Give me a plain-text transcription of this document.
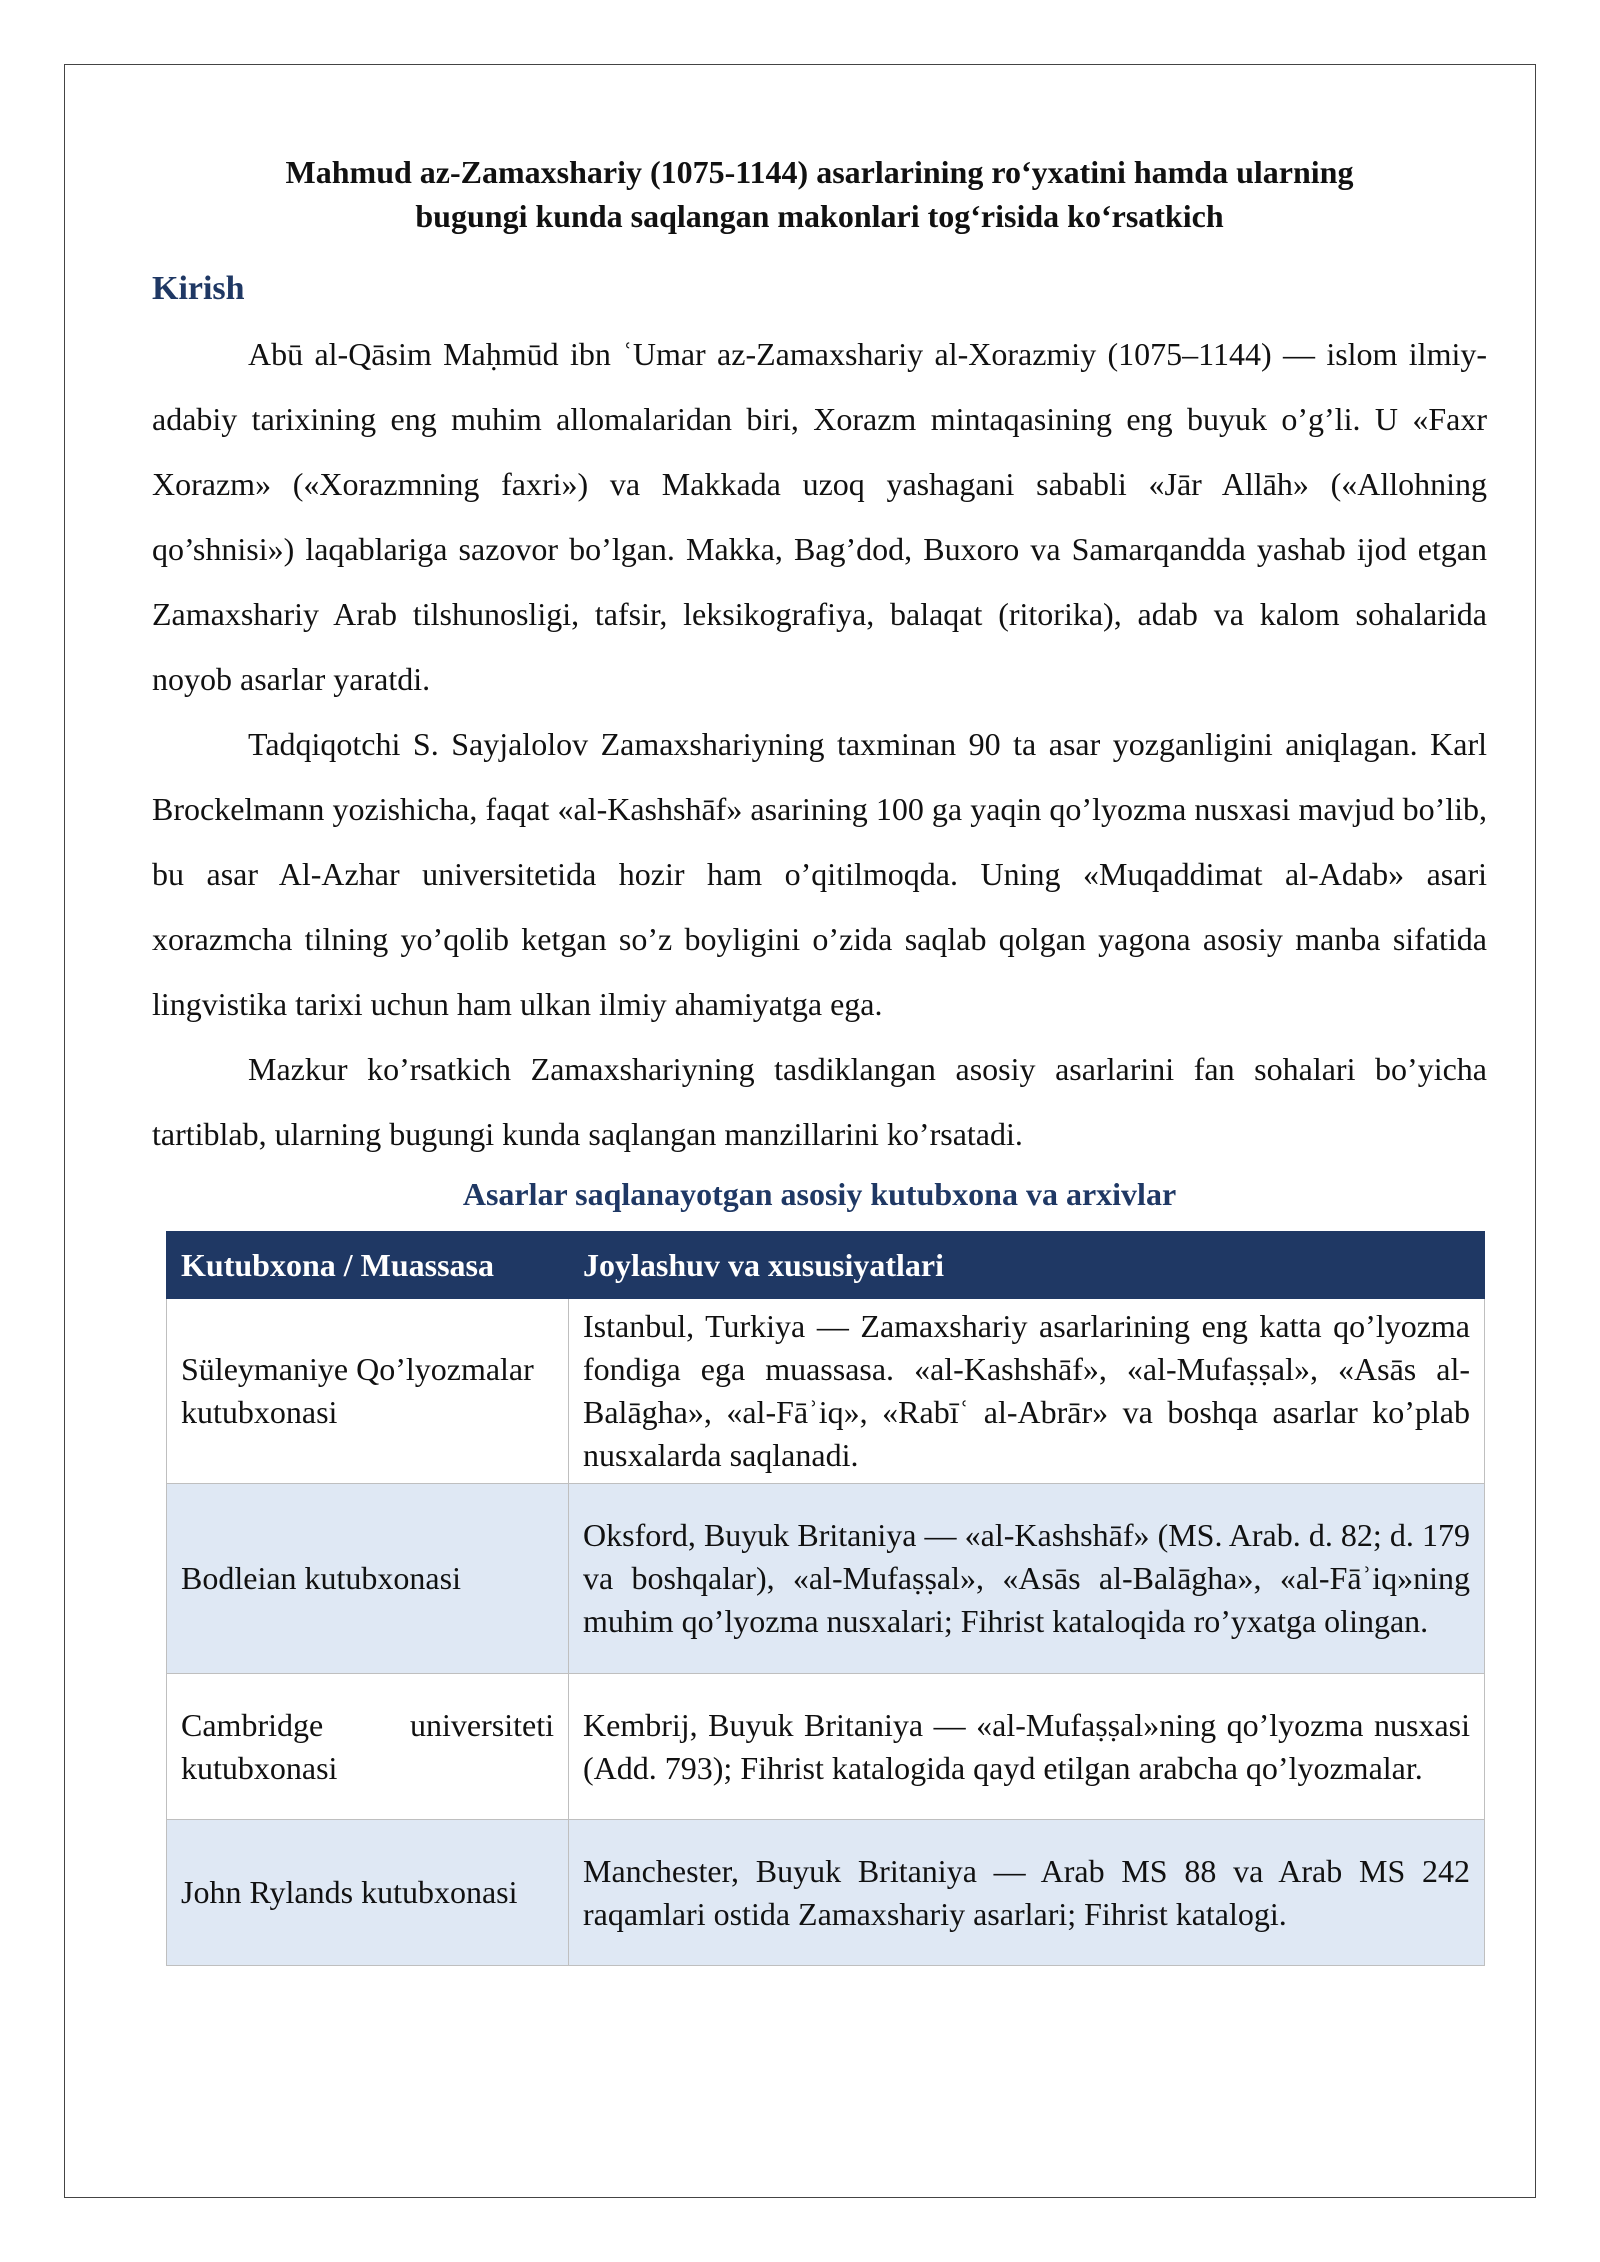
Mahmud az-Zamaxshariy (1075-1144) asarlarining ro‘yxatini hamda ularning
bugungi kunda saqlangan makonlari tog‘risida ko‘rsatkich
Kirish

Abū al-Qāsim Maḥmūd ibn ʿUmar az-Zamaxshariy al-Xorazmiy (1075–1144) — islom ilmiy-adabiy tarixining eng muhim allomalaridan biri, Xorazm mintaqasining eng buyuk o’g’li. U «Faxr Xorazm» («Xorazmning faxri») va Makkada uzoq yashagani sababli «Jār Allāh» («Allohning qo’shnisi») laqablariga sazovor bo’lgan. Makka, Bag’dod, Buxoro va Samarqandda yashab ijod etgan Zamaxshariy Arab tilshunosligi, tafsir, leksikografiya, balaqat (ritorika), adab va kalom sohalarida noyob asarlar yaratdi.

Tadqiqotchi S. Sayjalolov Zamaxshariyning taxminan 90 ta asar yozganligini aniqlagan. Karl Brockelmann yozishicha, faqat «al-Kashshāf» asarining 100 ga yaqin qo’lyozma nusxasi mavjud bo’lib, bu asar Al-Azhar universitetida hozir ham o’qitilmoqda. Uning «Muqaddimat al-Adab» asari xorazmcha tilning yo’qolib ketgan so’z boyligini o’zida saqlab qolgan yagona asosiy manba sifatida lingvistika tarixi uchun ham ulkan ilmiy ahamiyatga ega.

Mazkur ko’rsatkich Zamaxshariyning tasdiklangan asosiy asarlarini fan sohalari bo’yicha tartiblab, ularning bugungi kunda saqlangan manzillarini ko’rsatadi.

Asarlar saqlanayotgan asosiy kutubxona va arxivlar
Kutubxona / Muassasa	Joylashuv va xususiyatlari
Süleymaniye Qo’lyozmalar kutubxonasi	Istanbul, Turkiya — Zamaxshariy asarlarining eng katta qo’lyozma fondiga ega muassasa. «al-Kashshāf», «al-Mufaṣṣal», «Asās al-Balāgha», «al-Fāʾiq», «Rabīʿ al-Abrār» va boshqa asarlar ko’plab nusxalarda saqlanadi.
Bodleian kutubxonasi	Oksford, Buyuk Britaniya — «al-Kashshāf» (MS. Arab. d. 82; d. 179 va boshqalar), «al-Mufaṣṣal», «Asās al-Balāgha», «al-Fāʾiq»ning muhim qo’lyozma nusxalari; Fihrist kataloqida ro’yxatga olingan.
Cambridge universiteti kutubxonasi	Kembrij, Buyuk Britaniya — «al-Mufaṣṣal»ning qo’lyozma nusxasi (Add. 793); Fihrist katalogida qayd etilgan arabcha qo’lyozmalar.
John Rylands kutubxonasi	Manchester, Buyuk Britaniya — Arab MS 88 va Arab MS 242 raqamlari ostida Zamaxshariy asarlari; Fihrist katalogi.
